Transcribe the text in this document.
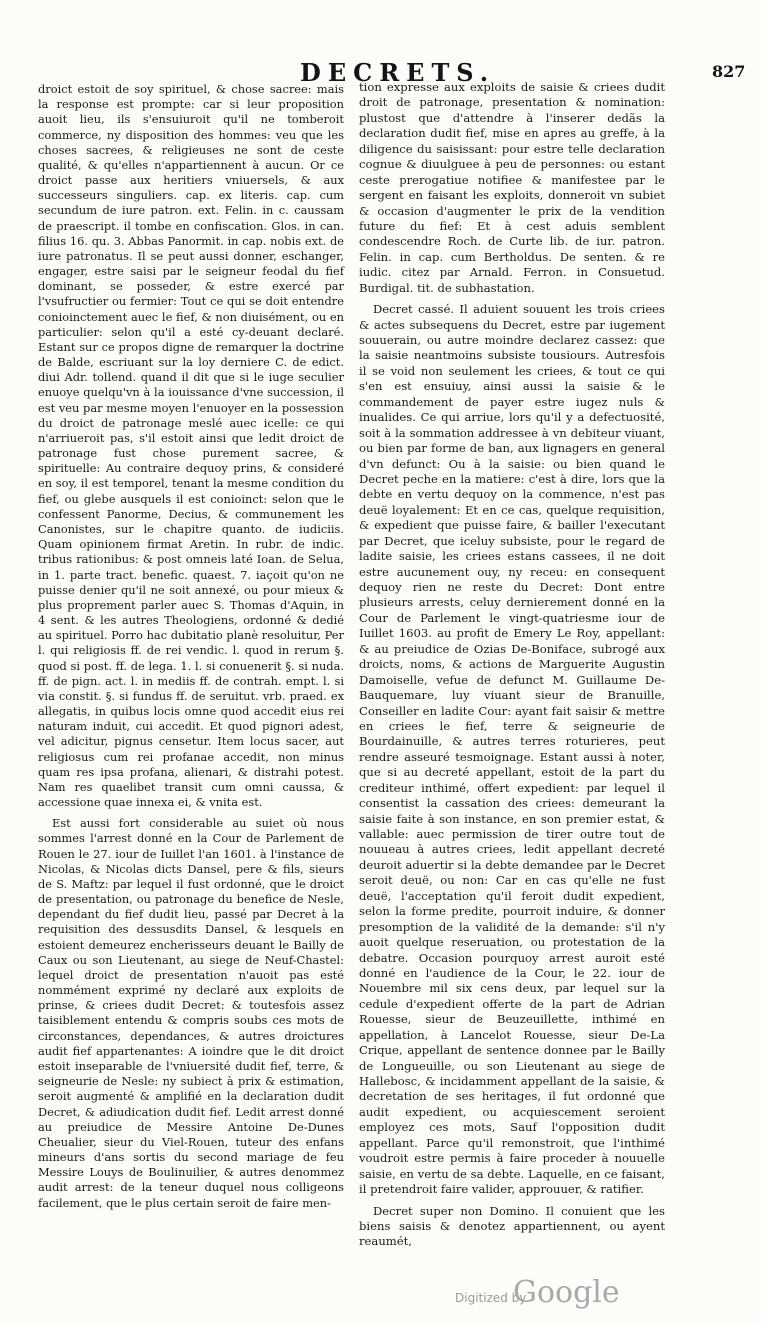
DECRETS.	827

droict estoit de soy spirituel, & chose sacree: mais la response est prompte: car si leur proposition auoit lieu, ils s'ensuiuroit qu'il ne tomberoit commerce, ny disposition des hommes: veu que les choses sacrees, & religieuses ne sont de ceste qualité, & qu'elles n'appartiennent à aucun. Or ce droict passe aux heritiers vniuersels, & aux successeurs singuliers. cap. ex literis. cap. cum secundum de iure patron. ext. Felin. in c. caussam de praescript. il tombe en confiscation. Glos. in can. filius 16. qu. 3. Abbas Panormit. in cap. nobis ext. de iure patronatus. Il se peut aussi donner, eschanger, engager, estre saisi par le seigneur feodal du fief dominant, se posseder, & estre exercé par l'vsufructier ou fermier: Tout ce qui se doit entendre conioinctement auec le fief, & non diuisément, ou en particulier: selon qu'il a esté cy-deuant declaré. Estant sur ce propos digne de remarquer la doctrine de Balde, escriuant sur la loy derniere C. de edict. diui Adr. tollend. quand il dit que si le iuge seculier enuoye quelqu'vn à la iouissance d'vne succession, il est veu par mesme moyen l'enuoyer en la possession du droict de patronage meslé auec icelle: ce qui n'arriueroit pas, s'il estoit ainsi que ledit droict de patronage fust chose purement sacree, & spirituelle: Au contraire dequoy prins, & consideré en soy, il est temporel, tenant la mesme condition du fief, ou glebe ausquels il est conioinct: selon que le confessent Panorme, Decius, & communement les Canonistes, sur le chapitre quanto. de iudiciis. Quam opinionem firmat Aretin. In rubr. de indic. tribus rationibus: & post omneis laté Ioan. de Selua, in 1. parte tract. benefic. quaest. 7. iaçoit qu'on ne puisse denier qu'il ne soit annexé, ou pour mieux & plus proprement parler auec S. Thomas d'Aquin, in 4 sent. & les autres Theologiens, ordonné & dedié au spirituel. Porro hac dubitatio planè resoluitur, Per l. qui religiosis ff. de rei vendic. l. quod in rerum §. quod si post. ff. de lega. 1. l. si conuenerit §. si nuda. ff. de pign. act. l. in mediis ff. de contrah. empt. l. si via constit. §. si fundus ff. de seruitut. vrb. praed. ex allegatis, in quibus locis omne quod accedit eius rei naturam induit, cui accedit. Et quod pignori adest, vel adicitur, pignus censetur. Item locus sacer, aut religiosus cum rei profanae accedit, non minus quam res ipsa profana, alienari, & distrahi potest. Nam res quaelibet transit cum omni caussa, & accessione quae innexa ei, & vnita est.

Est aussi fort considerable au suiet où nous sommes l'arrest donné en la Cour de Parlement de Rouen le 27. iour de Iuillet l'an 1601. à l'instance de Nicolas, & Nicolas dicts Dansel, pere & fils, sieurs de S. Maftz: par lequel il fust ordonné, que le droict de presentation, ou patronage du benefice de Nesle, dependant du fief dudit lieu, passé par Decret à la requisition des dessusdits Dansel, & lesquels en estoient demeurez encherisseurs deuant le Bailly de Caux ou son Lieutenant, au siege de Neuf-Chastel: lequel droict de presentation n'auoit pas esté nommément exprimé ny declaré aux exploits de prinse, & criees dudit Decret: & toutesfois assez taisiblement entendu & compris soubs ces mots de circonstances, dependances, & autres droictures audit fief appartenantes: A ioindre que le dit droict estoit inseparable de l'vniuersité dudit fief, terre, & seigneurie de Nesle: ny subiect à prix & estimation, seroit augmenté & amplifié en la declaration dudit Decret, & adiudication dudit fief. Ledit arrest donné au preiudice de Messire Antoine De-Dunes Cheualier, sieur du Viel-Rouen, tuteur des enfans mineurs d'ans sortis du second mariage de feu Messire Louys de Boulinuilier, & autres denommez audit arrest: de la teneur duquel nous colligeons facilement, que le plus certain seroit de faire men-

tion expresse aux exploits de saisie & criees dudit droit de patronage, presentation & nomination: plustost que d'attendre à l'inserer dedãs la declaration dudit fief, mise en apres au greffe, à la diligence du saisissant: pour estre telle declaration cognue & diuulguee à peu de personnes: ou estant ceste prerogatiue notifiee & manifestee par le sergent en faisant les exploits, donneroit vn subiet & occasion d'augmenter le prix de la vendition future du fief: Et à cest aduis semblent condescendre Roch. de Curte lib. de iur. patron. Felin. in cap. cum Bertholdus. De senten. & re iudic. citez par Arnald. Ferron. in Consuetud. Burdigal. tit. de subhastation.

Decret cassé. Il aduient souuent les trois criees & actes subsequens du Decret, estre par iugement souuerain, ou autre moindre declarez cassez: que la saisie neantmoins subsiste tousiours. Autresfois il se void non seulement les criees, & tout ce qui s'en est ensuiuy, ainsi aussi la saisie & le commandement de payer estre iugez nuls & inualides. Ce qui arriue, lors qu'il y a defectuosité, soit à la sommation addressee à vn debiteur viuant, ou bien par forme de ban, aux lignagers en general d'vn defunct: Ou à la saisie: ou bien quand le Decret peche en la matiere: c'est à dire, lors que la debte en vertu dequoy on la commence, n'est pas deuë loyalement: Et en ce cas, quelque requisition, & expedient que puisse faire, & bailler l'executant par Decret, que iceluy subsiste, pour le regard de ladite saisie, les criees estans cassees, il ne doit estre aucunement ouy, ny receu: en consequent dequoy rien ne reste du Decret: Dont entre plusieurs arrests, celuy dernierement donné en la Cour de Parlement le vingt-quatriesme iour de Iuillet 1603. au profit de Emery Le Roy, appellant: & au preiudice de Ozias De-Boniface, subrogé aux droicts, noms, & actions de Marguerite Augustin Damoiselle, vefue de defunct M. Guillaume De-Bauquemare, luy viuant sieur de Branuille, Conseiller en ladite Cour: ayant fait saisir & mettre en criees le fief, terre & seigneurie de Bourdainuille, & autres terres roturieres, peut rendre asseuré tesmoignage. Estant aussi à noter, que si au decreté appellant, estoit de la part du crediteur inthimé, offert expedient: par lequel il consentist la cassation des criees: demeurant la saisie faite à son instance, en son premier estat, & vallable: auec permission de tirer outre tout de nouueau à autres criees, ledit appellant decreté deuroit aduertir si la debte demandee par le Decret seroit deuë, ou non: Car en cas qu'elle ne fust deuë, l'acceptation qu'il feroit dudit expedient, selon la forme predite, pourroit induire, & donner presomption de la validité de la demande: s'il n'y auoit quelque reseruation, ou protestation de la debatre. Occasion pourquoy arrest auroit esté donné en l'audience de la Cour, le 22. iour de Nouembre mil six cens deux, par lequel sur la cedule d'expedient offerte de la part de Adrian Rouesse, sieur de Beuzeuillette, inthimé en appellation, à Lancelot Rouesse, sieur De-La Crique, appellant de sentence donnee par le Bailly de Longueuille, ou son Lieutenant au siege de Hallebosc, & incidamment appellant de la saisie, & decretation de ses heritages, il fut ordonné que audit expedient, ou acquiescement seroient employez ces mots, Sauf l'opposition dudit appellant. Parce qu'il remonstroit, que l'inthimé voudroit estre permis à faire proceder à nouuelle saisie, en vertu de sa debte. Laquelle, en ce faisant, il pretendroit faire valider, approuuer, & ratifier.

Decret super non Domino. Il conuient que les biens saisis & denotez appartiennent, ou ayent reaumét,

Digitized by
Google
